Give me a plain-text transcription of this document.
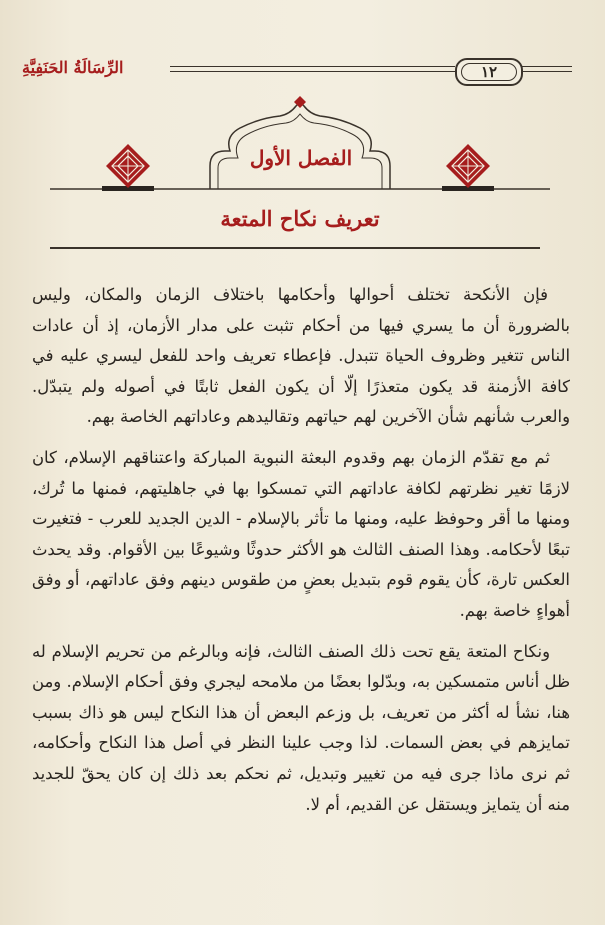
الرِّسَالَةُ الحَنَفِيَّةِ	١٢
الفصل الأول
تعريف نكاح المتعة

فإن الأنكحة تختلف أحوالها وأحكامها باختلاف الزمان والمكان، وليس بالضرورة أن ما يسري فيها من أحكام تثبت على مدار الأزمان، إذ أن عادات الناس تتغير وظروف الحياة تتبدل. فإعطاء تعريف واحد للفعل ليسري عليه في كافة الأزمنة قد يكون متعذرًا إلّا أن يكون الفعل ثابتًا في أصوله ولم يتبدّل. والعرب شأنهم شأن الآخرين لهم حياتهم وتقاليدهم وعاداتهم الخاصة بهم.

ثم مع تقدّم الزمان بهم وقدوم البعثة النبوية المباركة واعتناقهم الإسلام، كان لازمًا تغير نظرتهم لكافة عاداتهم التي تمسكوا بها في جاهليتهم، فمنها ما تُرك، ومنها ما أقر وحوفظ عليه، ومنها ما تأثر بالإسلام - الدين الجديد للعرب - فتغيرت تبعًا لأحكامه. وهذا الصنف الثالث هو الأكثر حدوثًا وشيوعًا بين الأقوام. وقد يحدث العكس تارة، كأن يقوم قوم بتبديل بعضٍ من طقوس دينهم وفق عاداتهم، أو وفق أهواءٍ خاصة بهم.

ونكاح المتعة يقع تحت ذلك الصنف الثالث، فإنه وبالرغم من تحريم الإسلام له ظل أناس متمسكين به، وبدّلوا بعضًا من ملامحه ليجري وفق أحكام الإسلام. ومن هنا، نشأ له أكثر من تعريف، بل وزعم البعض أن هذا النكاح ليس هو ذاك بسبب تمايزهم في بعض السمات. لذا وجب علينا النظر في أصل هذا النكاح وأحكامه، ثم نرى ماذا جرى فيه من تغيير وتبديل، ثم نحكم بعد ذلك إن كان يحقّ للجديد منه أن يتمايز ويستقل عن القديم، أم لا.
